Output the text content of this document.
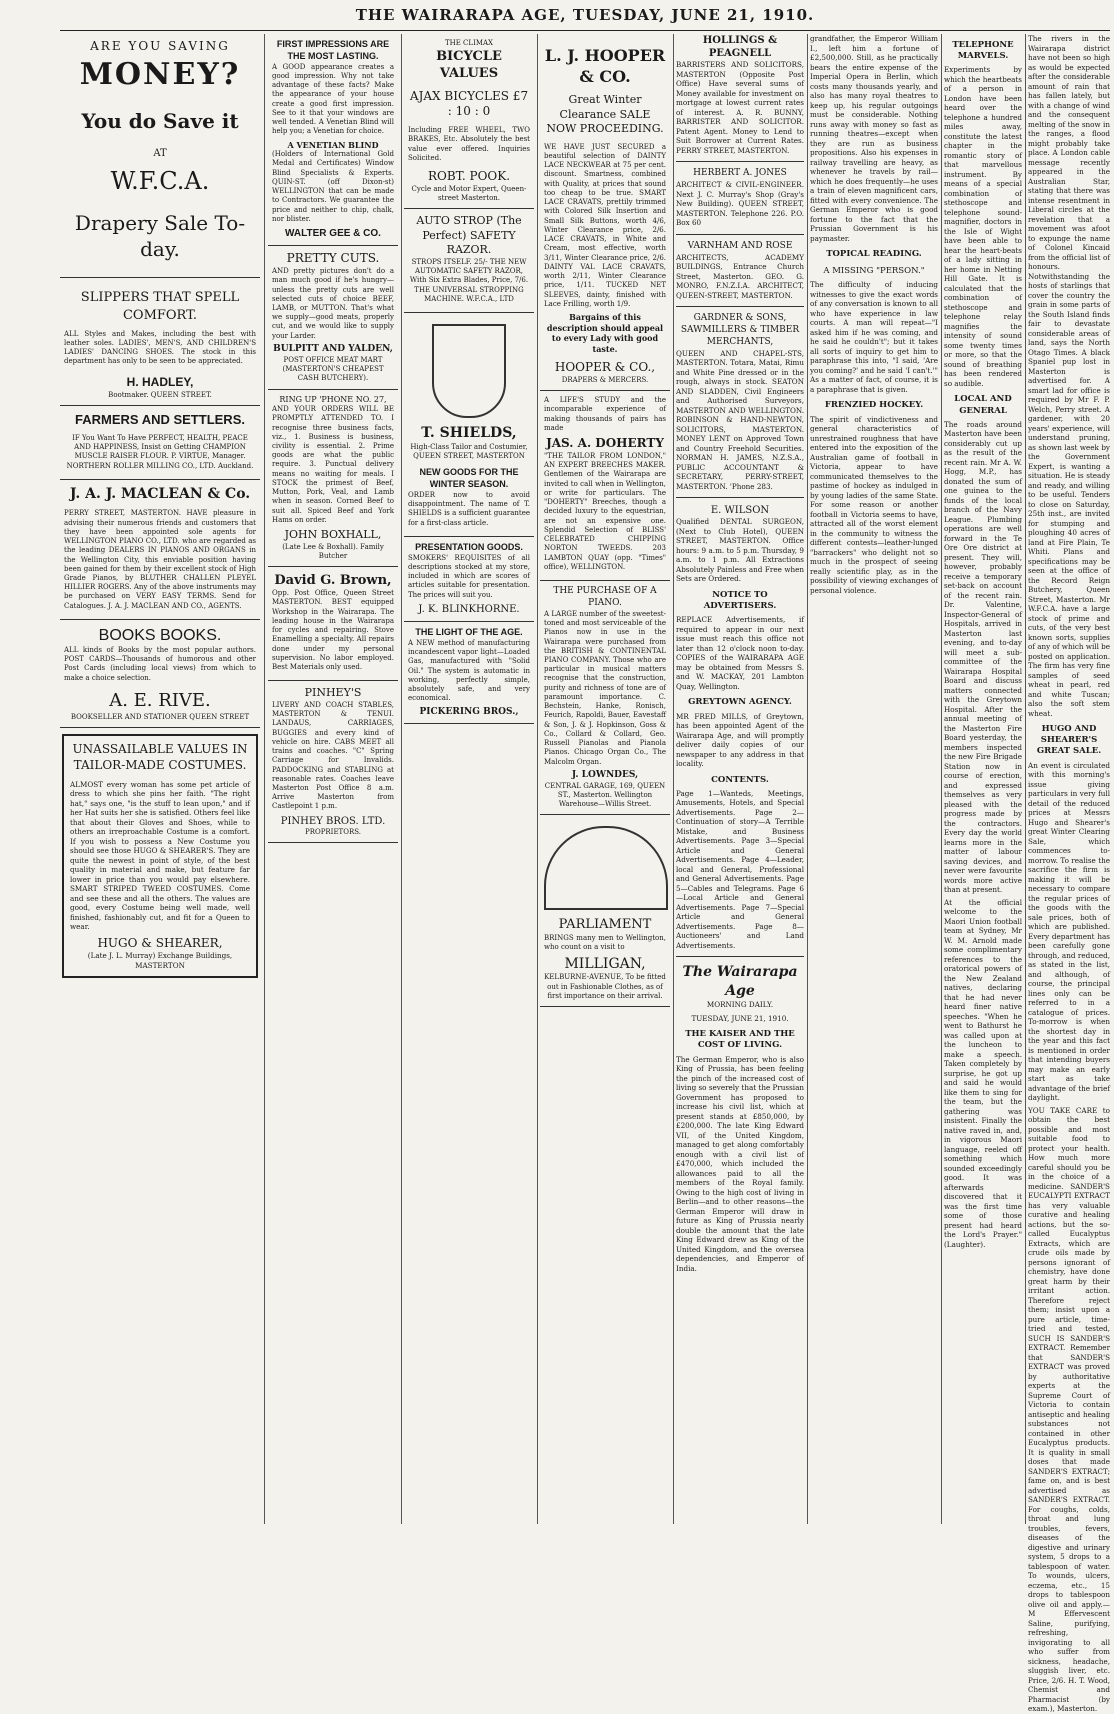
THE WAIRARAPA AGE, TUESDAY, JUNE 21, 1910.
ARE YOU SAVING
MONEY?
You do Save it
AT
W.F.C.A.
Drapery Sale To-day.
SLIPPERS THAT SPELL COMFORT.

ALL Styles and Makes, including the best with leather soles. LADIES', MEN'S, AND CHILDREN'S LADIES' DANCING SHOES. The stock in this department has only to be seen to be appreciated.

H. HADLEY,
Bootmaker. QUEEN STREET.
FARMERS AND SETTLERS.

IF You Want To Have PERFECT, HEALTH, PEACE AND HAPPINESS, Insist on Getting CHAMPION MUSCLE RAISER FLOUR. P. VIRTUE, Manager. NORTHERN ROLLER MILLING CO., LTD. Auckland.

J. A. J. MACLEAN & Co.

PERRY STREET, MASTERTON. HAVE pleasure in advising their numerous friends and customers that they have been appointed sole agents for WELLINGTON PIANO CO., LTD. who are regarded as the leading DEALERS IN PIANOS AND ORGANS in the Wellington City, this enviable position having been gained for them by their excellent stock of High Grade Pianos, by BLUTHER CHALLEN PLEYEL HILLIER ROGERS. Any of the above instruments may be purchased on VERY EASY TERMS. Send for Catalogues. J. A. J. MACLEAN AND CO., AGENTS.

BOOKS BOOKS.

ALL kinds of Books by the most popular authors. POST CARDS—Thousands of humorous and other Post Cards (including local views) from which to make a choice selection.

A. E. RIVE.
BOOKSELLER AND STATIONER QUEEN STREET
UNASSAILABLE VALUES IN TAILOR-MADE COSTUMES.

ALMOST every woman has some pet article of dress to which she pins her faith. "The right hat," says one, "is the stuff to lean upon," and if her Hat suits her she is satisfied. Others feel like that about their Gloves and Shoes, while to others an irreproachable Costume is a comfort. If you wish to possess a New Costume you should see those HUGO & SHEARER'S. They are quite the newest in point of style, of the best quality in material and make, but feature far lower in price than you would pay elsewhere. SMART STRIPED TWEED COSTUMES. Come and see these and all the others. The values are good, every Costume being well made, well finished, fashionably cut, and fit for a Queen to wear.

HUGO & SHEARER,
(Late J. L. Murray) Exchange Buildings, MASTERTON
FIRST IMPRESSIONS ARE THE MOST LASTING.

A GOOD appearance creates a good impression. Why not take advantage of these facts? Make the appearance of your house create a good first impression. See to it that your windows are well tended. A Venetian Blind will help you; a Venetian for choice.

A VENETIAN BLIND

(Holders of International Gold Medal and Certificates) Window Blind Specialists & Experts. QUIN-ST. (off Dixon-st) WELLINGTON that can be made to Contractors. We guarantee the price and neither to chip, chalk, nor blister.

WALTER GEE & CO.
PRETTY CUTS.

AND pretty pictures don't do a man much good if he's hungry—unless the pretty cuts are well selected cuts of choice BEEF, LAMB, or MUTTON. That's what we supply—good meats, properly cut, and we would like to supply your Larder.

BULPITT AND YALDEN,
POST OFFICE MEAT MART (MASTERTON'S CHEAPEST CASH BUTCHERY).
RING UP 'PHONE NO. 27,

AND YOUR ORDERS WILL BE PROMPTLY ATTENDED TO. I recognise three business facts, viz., 1. Business is business, civility is essential. 2. Prime goods are what the public require. 3. Punctual delivery means no waiting for meals. I STOCK the primest of Beef, Mutton, Pork, Veal, and Lamb when in season. Corned Beef to suit all. Spiced Beef and York Hams on order.

JOHN BOXHALL,
(Late Lee & Boxhall). Family Butcher
David G. Brown,

Opp. Post Office, Queen Street MASTERTON. BEST equipped Workshop in the Wairarapa. The leading house in the Wairarapa for cycles and repairing. Stove Enamelling a specialty. All repairs done under my personal supervision. No labor employed. Best Materials only used.

PINHEY'S

LIVERY AND COACH STABLES, MASTERTON & TENUI. LANDAUS, CARRIAGES, BUGGIES and every kind of vehicle on hire. CABS MEET all trains and coaches. "C" Spring Carriage for Invalids. PADDOCKING and STABLING at reasonable rates. Coaches leave Masterton Post Office 8 a.m. Arrive Masterton from Castlepoint 1 p.m.

PINHEY BROS. LTD.
PROPRIETORS.
THE CLIMAX
BICYCLE VALUES
AJAX BICYCLES £7 : 10 : 0

Including FREE WHEEL, TWO BRAKES, Etc. Absolutely the best value ever offered. Inquiries Solicited.

ROBT. POOK.
Cycle and Motor Expert, Queen-street Masterton.
AUTO STROP (The Perfect) SAFETY RAZOR.

STROPS ITSELF. 25/- THE NEW AUTOMATIC SAFETY RAZOR, With Six Extra Blades, Price, 7/6. THE UNIVERSAL STROPPING MACHINE. W.F.C.A., LTD

T. SHIELDS,
High-Class Tailor and Costumier, QUEEN STREET, MASTERTON
NEW GOODS FOR THE WINTER SEASON.

ORDER now to avoid disappointment. The name of T. SHIELDS is a sufficient guarantee for a first-class article.

PRESENTATION GOODS.

SMOKERS' REQUISITES of all descriptions stocked at my store, included in which are scores of articles suitable for presentation. The prices will suit you.

J. K. BLINKHORNE.
THE LIGHT OF THE AGE.

A NEW method of manufacturing incandescent vapor light—Loaded Gas, manufactured with "Solid Oil." The system is automatic in working, perfectly simple, absolutely safe, and very economical.

PICKERING BROS.,
L. J. HOOPER & CO.
Great Winter Clearance SALE NOW PROCEEDING.

WE HAVE JUST SECURED a beautiful selection of DAINTY LACE NECKWEAR at 75 per cent. discount. Smartness, combined with Quality, at prices that sound too cheap to be true. SMART LACE CRAVATS, prettily trimmed with Colored Silk Insertion and Small Silk Buttons, worth 4/6, Winter Clearance price, 2/6. LACE CRAVATS, in White and Cream, most effective, worth 3/11, Winter Clearance price, 2/6. DAINTY VAL LACE CRAVATS, worth 2/11, Winter Clearance price, 1/11. TUCKED NET SLEEVES, dainty, finished with Lace Frilling, worth 1/9.

Bargains of this description should appeal to every Lady with good taste.
HOOPER & CO.,
DRAPERS & MERCERS.

A LIFE'S STUDY and the incomparable experience of making thousands of pairs has made

JAS. A. DOHERTY

"THE TAILOR FROM LONDON," AN EXPERT BREECHES MAKER. Gentlemen of the Wairarapa are invited to call when in Wellington, or write for particulars. The "DOHERTY" Breeches, though a decided luxury to the equestrian, are not an expensive one. Splendid Selection of BLISS' CELEBRATED CHIPPING NORTON TWEEDS. 203 LAMBTON QUAY (opp. "Times" office), WELLINGTON.

THE PURCHASE OF A PIANO.

A LARGE number of the sweetest-toned and most serviceable of the Pianos now in use in the Wairarapa were purchased from the BRITISH & CONTINENTAL PIANO COMPANY. Those who are particular in musical matters recognise that the construction, purity and richness of tone are of paramount importance. C. Bechstein, Hanke, Ronisch, Feurich, Rapoldi, Bauer, Eavestaff & Son, J. & J. Hopkinson, Goss & Co., Collard & Collard, Geo. Russell Pianolas and Pianola Pianos. Chicago Organ Co., The Malcolm Organ.

J. LOWNDES,
CENTRAL GARAGE, 169, QUEEN ST., Masterton. Wellington Warehouse—Willis Street.
PARLIAMENT

BRINGS many men to Wellington, who count on a visit to

MILLIGAN,
KELBURNE-AVENUE, To be fitted out in Fashionable Clothes, as of first importance on their arrival.
HOLLINGS & PEAGNELL

BARRISTERS AND SOLICITORS, MASTERTON (Opposite Post Office) Have several sums of Money available for investment on mortgage at lowest current rates of interest. A. R. BUNNY, BARRISTER AND SOLICITOR. Patent Agent. Money to Lend to Suit Borrower at Current Rates. PERRY STREET, MASTERTON.

HERBERT A. JONES

ARCHITECT & CIVIL-ENGINEER. Next J. C. Murray's Shop (Gray's New Building). QUEEN STREET, MASTERTON. Telephone 226. P.O. Box 60

VARNHAM AND ROSE

ARCHITECTS, ACADEMY BUILDINGS, Entrance Church Street, Masterton. GEO. G. MONRO, F.N.Z.I.A. ARCHITECT, QUEEN-STREET, MASTERTON.

GARDNER & SONS, SAWMILLERS & TIMBER MERCHANTS,

QUEEN AND CHAPEL-STS, MASTERTON. Totara, Matai, Rimu and White Pine dressed or in the rough, always in stock. SEATON AND SLADDEN, Civil Engineers and Authorised Surveyors, MASTERTON AND WELLINGTON. ROBINSON & HAND-NEWTON, SOLICITORS, MASTERTON. MONEY LENT on Approved Town and Country Freehold Securities. NORMAN H. JAMES, N.Z.S.A., PUBLIC ACCOUNTANT & SECRETARY, PERRY-STREET, MASTERTON. 'Phone 283.

E. WILSON

Qualified DENTAL SURGEON, (Next to Club Hotel), QUEEN STREET, MASTERTON. Office hours: 9 a.m. to 5 p.m. Thursday, 9 a.m. to 1 p.m. All Extractions Absolutely Painless and Free when Sets are Ordered.

NOTICE TO ADVERTISERS.

REPLACE Advertisements, if required to appear in our next issue must reach this office not later than 12 o'clock noon to-day. COPIES of the WAIRARAPA AGE may be obtained from Messrs S. and W. MACKAY, 201 Lambton Quay, Wellington.

GREYTOWN AGENCY.

MR FRED MILLS, of Greytown, has been appointed Agent of the Wairarapa Age, and will promptly deliver daily copies of our newspaper to any address in that locality.

CONTENTS.

Page 1—Wanteds, Meetings, Amusements, Hotels, and Special Advertisements. Page 2—Continuation of story—A Terrible Mistake, and Business Advertisements. Page 3—Special Article and General Advertisements. Page 4—Leader, local and General, Professional and General Advertisements. Page 5—Cables and Telegrams. Page 6—Local Article and General Advertisements. Page 7—Special Article and General Advertisements. Page 8—Auctioneers' and Land Advertisements.

The Wairarapa Age
MORNING DAILY.
TUESDAY, JUNE 21, 1910.
THE KAISER AND THE COST OF LIVING.

The German Emperor, who is also King of Prussia, has been feeling the pinch of the increased cost of living so severely that the Prussian Government has proposed to increase his civil list, which at present stands at £850,000, by £200,000. The late King Edward VII, of the United Kingdom, managed to get along comfortably enough with a civil list of £470,000, which included the allowances paid to all the members of the Royal family. Owing to the high cost of living in Berlin—and to other reasons—the German Emperor will draw in future as King of Prussia nearly double the amount that the late King Edward drew as King of the United Kingdom, and the oversea dependencies, and Emperor of India.

grandfather, the Emperor William I., left him a fortune of £2,500,000. Still, as he practically bears the entire expense of the Imperial Opera in Berlin, which costs many thousands yearly, and also has many royal theatres to keep up, his regular outgoings must be considerable. Nothing runs away with money so fast as running theatres—except when they are run as business propositions. Also his expenses in railway travelling are heavy, as whenever he travels by rail—which he does frequently—he uses a train of eleven magnificent cars, fitted with every convenience. The German Emperor who is good fortune to the fact that the Prussian Government is his paymaster.

TOPICAL READING.
A MISSING "PERSON."

The difficulty of inducing witnesses to give the exact words of any conversation is known to all who have experience in law courts. A man will repeat—"I asked him if he was coming, and he said he couldn't"; but it takes all sorts of inquiry to get him to paraphrase this into, "I said, 'Are you coming?' and he said 'I can't.'" As a matter of fact, of course, it is a paraphrase that is given.

FRENZIED HOCKEY.

The spirit of vindictiveness and general characteristics of unrestrained roughness that have entered into the exposition of the Australian game of football in Victoria, appear to have communicated themselves to the pastime of hockey as indulged in by young ladies of the same State. For some reason or another football in Victoria seems to have, attracted all of the worst element in the community to witness the different contests—leather-lunged "barrackers" who delight not so much in the prospect of seeing really scientific play, as in the possibility of viewing exchanges of personal violence.

TELEPHONE MARVELS.

Experiments by which the heartbeats of a person in London have been heard over the telephone a hundred miles away, constitute the latest chapter in the romantic story of that marvellous instrument. By means of a special combination of stethoscope and telephone sound-magnifier, doctors in the Isle of Wight have been able to hear the heart-beats of a lady sitting in her home in Netting Hill Gate. It is calculated that the combination of stethoscope and telephone relay magnifies the intensity of sound some twenty times or more, so that the sound of breathing has been rendered so audible.

LOCAL AND GENERAL

The roads around Masterton have been considerably cut up as the result of the recent rain. Mr A. W. Hogg, M.P., has donated the sum of one guinea to the funds of the local branch of the Navy League. Plumbing operations are well forward in the Te Ore Ore district at present. They will, however, probably receive a temporary set-back on account of the recent rain. Dr. Valentine, Inspector-General of Hospitals, arrived in Masterton last evening, and to-day will meet a sub-committee of the Wairarapa Hospital Board and discuss matters connected with the Greytown Hospital. After the annual meeting of the Masterton Fire Board yesterday, the members inspected the new Fire Brigade Station now in course of erection, and expressed themselves as very pleased with the progress made by the contractors. Every day the world learns more in the matter of labour saving devices, and never were favourite words more active than at present.

At the official welcome to the Maori Union football team at Sydney, Mr W. M. Arnold made some complimentary references to the oratorical powers of the New Zealand natives, declaring that he had never heard finer native speeches. "When he went to Bathurst he was called upon at the luncheon to make a speech. Taken completely by surprise, he got up and said he would like them to sing for the team, but the gathering was insistent. Finally the native raved in, and, in vigorous Maori language, reeled off something which sounded exceedingly good. It was afterwards discovered that it was the first time some of those present had heard the Lord's Prayer." (Laughter).

The rivers in the Wairarapa district have not been so high as would be expected after the considerable amount of rain that has fallen lately, but with a change of wind and the consequent melting of the snow in the ranges, a flood might probably take place. A London cable message recently appeared in the Australian Star, stating that there was intense resentment in Liberal circles at the revelation that a movement was afoot to expunge the name of Colonel Kincaid from the official list of honours. Notwithstanding the hosts of starlings that cover the country the grain in some parts of the South Island finds fair to devastate considerable areas of land, says the North Otago Times. A black Spaniel pup lost in Masterton is advertised for. A smart lad for office is required by Mr F. P. Welch, Perry street. A gardener, with 20 years' experience, will understand pruning, as shown last week by the Government Expert, is wanting a situation. He is steady and ready, and willing to be useful. Tenders to close on Saturday, 25th inst., are invited for stumping and ploughing 40 acres of land at Fire Plain, Te Whiti. Plans and specifications may be seen at the office of the Record Reign Butchery, Queen Street, Masterton. Mr W.F.C.A. have a large stock of prime and cuts, of the very best known sorts, supplies of any of which will be posted on application. The firm has very fine samples of seed wheat in pearl, red and white Tuscan; also the soft stem wheat.

HUGO AND SHEARER'S GREAT SALE.

An event is circulated with this morning's issue giving particulars in very full detail of the reduced prices at Messrs Hugo and Shearer's great Winter Clearing Sale, which commences to-morrow. To realise the sacrifice the firm is making it will be necessary to compare the regular prices of the goods with the sale prices, both of which are published. Every department has been carefully gone through, and reduced, as stated in the list, and although, of course, the principal lines only can be referred to in a catalogue of prices. To-morrow is when the shortest day in the year and this fact is mentioned in order that intending buyers may make an early start as take advantage of the brief daylight.

YOU TAKE CARE to obtain the best possible and most suitable food to protect your health. How much more careful should you be in the choice of a medicine. SANDER'S EUCALYPTI EXTRACT has very valuable curative and healing actions, but the so-called Eucalyptus Extracts, which are crude oils made by persons ignorant of chemistry, have done great harm by their irritant action. Therefore reject them; insist upon a pure article, time-tried and tested, SUCH IS SANDER'S EXTRACT. Remember that SANDER'S EXTRACT was proved by authoritative experts at the Supreme Court of Victoria to contain antiseptic and healing substances not contained in other Eucalyptus products. It is quality in small doses that made SANDER'S EXTRACT; fame on, and is best advertised as SANDER'S EXTRACT. For coughs, colds, throat and lung troubles, fevers, diseases of the digestive and urinary system, 5 drops to a tablespoon of water. To wounds, ulcers, eczema, etc., 15 drops to tablespoon olive oil and apply.—M Effervescent Saline, purifying, refreshing, invigorating to all who suffer from sickness, headache, sluggish liver, etc. Price, 2/6. H. T. Wood, Chemist and Pharmacist (by exam.), Masterton.
